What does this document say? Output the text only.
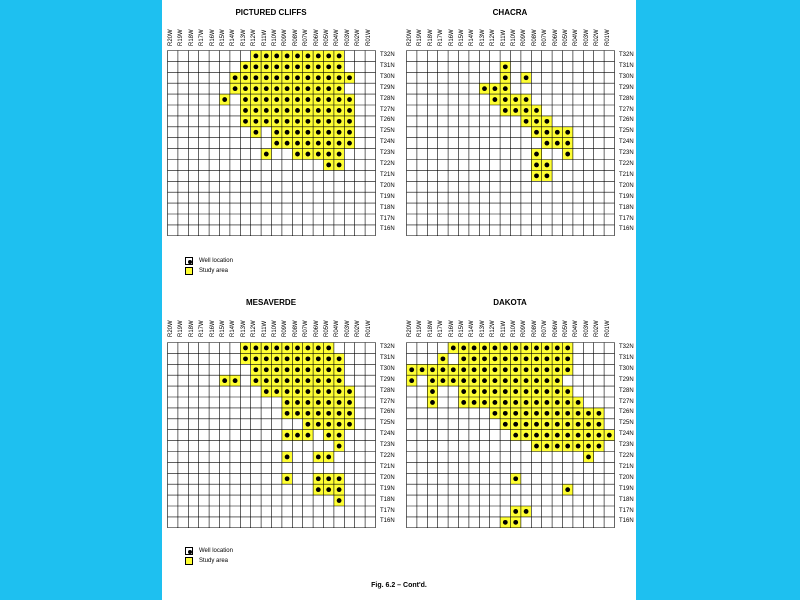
PICTURED CLIFFS
R20W R19W R18W R17W R16W R15W R14W R13W R12W R11W R10W R09W R08W R07W R06W R05W R04W R03W R02W R01W
T32N
T31N
T30N
T29N
T28N
T27N
T26N
T25N
T24N
T23N
T22N
T21N
T20N
T19N
T18N
T17N
T16N
Well location
Study area
CHACRA
R20W R19W R18W R17W R16W R15W R14W R13W R12W R11W R10W R09W R08W R07W R06W R05W R04W R03W R02W R01W
T32N
T31N
T30N
T29N
T28N
T27N
T26N
T25N
T24N
T23N
T22N
T21N
T20N
T19N
T18N
T17N
T16N
MESAVERDE
R20W R19W R18W R17W R16W R15W R14W R13W R12W R11W R10W R09W R08W R07W R06W R05W R04W R03W R02W R01W
T32N
T31N
T30N
T29N
T28N
T27N
T26N
T25N
T24N
T23N
T22N
T21N
T20N
T19N
T18N
T17N
T16N
Well location
Study area
DAKOTA
R20W R19W R18W R17W R16W R15W R14W R13W R12W R11W R10W R09W R08W R07W R06W R05W R04W R03W R02W R01W
T32N
T31N
T30N
T29N
T28N
T27N
T26N
T25N
T24N
T23N
T22N
T21N
T20N
T19N
T18N
T17N
T16N
Fig. 6.2 – Cont'd.
